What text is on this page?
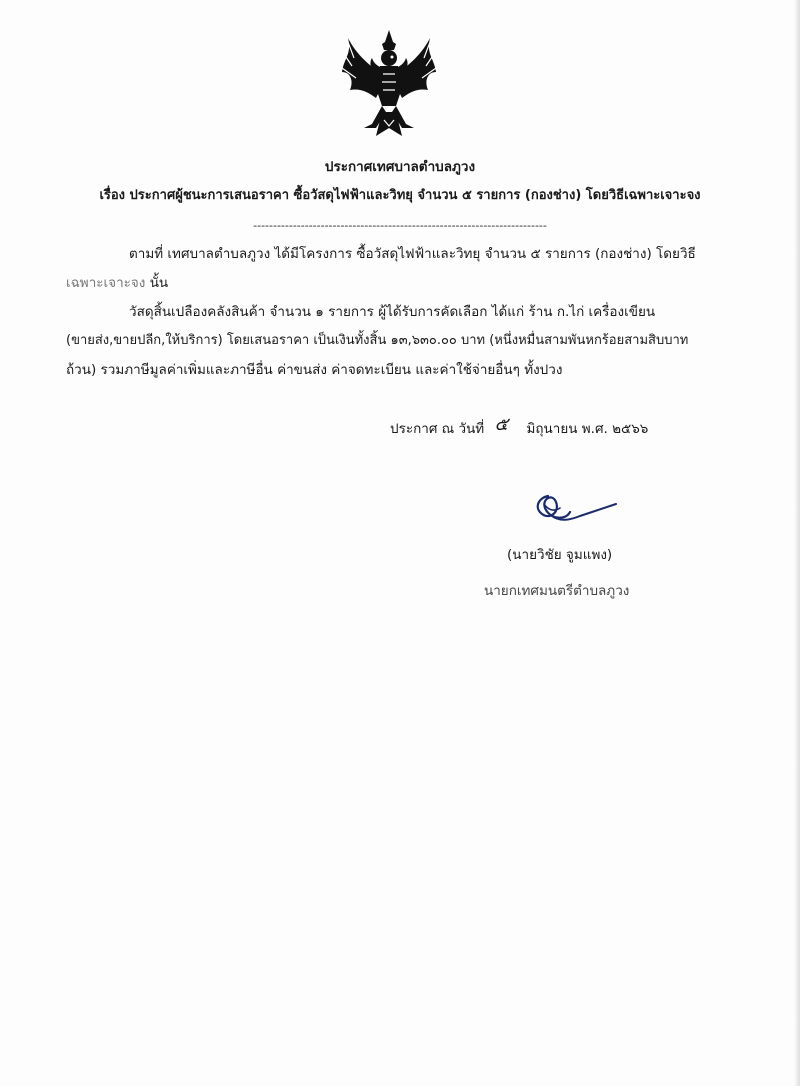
ประกาศเทศบาลตำบลภูวง
เรื่อง ประกาศผู้ชนะการเสนอราคา ซื้อวัสดุไฟฟ้าและวิทยุ จำนวน ๕ รายการ (กองช่าง) โดยวิธีเฉพาะเจาะจง
--------------------------------------------------------------------------
ตามที่ เทศบาลตำบลภูวง ได้มีโครงการ ซื้อวัสดุไฟฟ้าและวิทยุ จำนวน ๕ รายการ (กองช่าง) โดยวิธี
เฉพาะเจาะจง นั้น
วัสดุสิ้นเปลืองคลังสินค้า จำนวน ๑ รายการ ผู้ได้รับการคัดเลือก ได้แก่ ร้าน ก.ไก่ เครื่องเขียน
(ขายส่ง,ขายปลีก,ให้บริการ) โดยเสนอราคา เป็นเงินทั้งสิ้น ๑๓,๖๓๐.๐๐ บาท (หนึ่งหมื่นสามพันหกร้อยสามสิบบาท
ถ้วน) รวมภาษีมูลค่าเพิ่มและภาษีอื่น ค่าขนส่ง ค่าจดทะเบียน และค่าใช้จ่ายอื่นๆ ทั้งปวง
ประกาศ ณ วันที่ ๕ มิถุนายน พ.ศ. ๒๕๖๖
(นายวิชัย จูมแพง)
นายกเทศมนตรีตำบลภูวง
